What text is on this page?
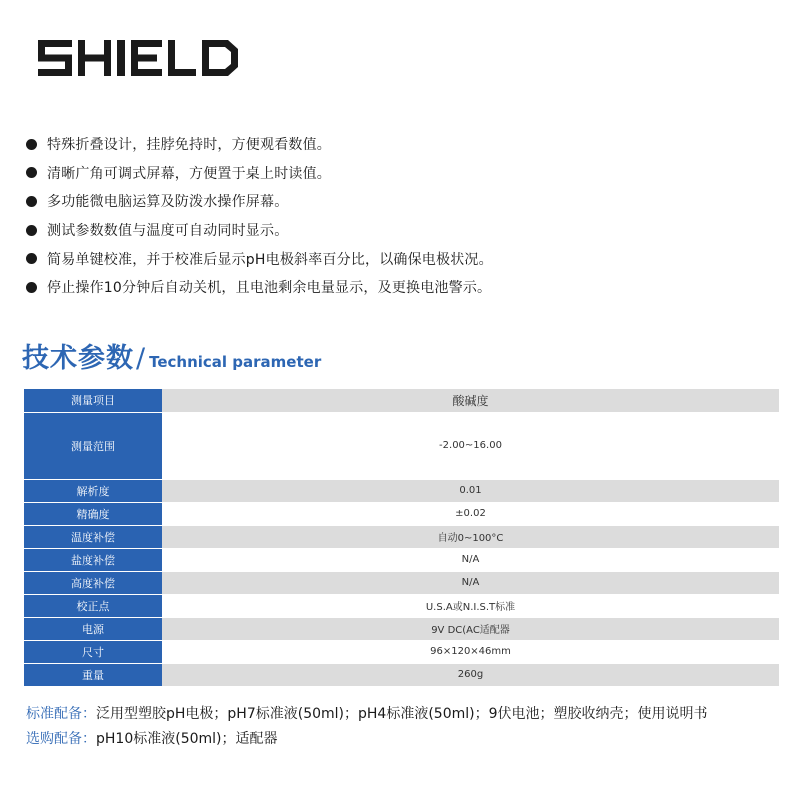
特殊折叠设计，挂脖免持时，方便观看数值。
清晰广角可调式屏幕，方便置于桌上时读值。
多功能微电脑运算及防泼水操作屏幕。
测试参数数值与温度可自动同时显示。
简易单键校准，并于校准后显示pH电极斜率百分比，以确保电极状况。
停止操作10分钟后自动关机，且电池剩余电量显示，及更换电池警示。
技术参数 / Technical parameter
测量项目	酸碱度
测量范围	-2.00~16.00
解析度	0.01
精确度	±0.02
温度补偿	自动0~100°C
盐度补偿	N/A
高度补偿	N/A
校正点	U.S.A或N.I.S.T标准
电源	9V DC(AC适配器
尺寸	96×120×46mm
重量	260g
标准配备：泛用型塑胶pH电极；pH7标准液(50ml)；pH4标准液(50ml)；9伏电池；塑胶收纳壳；使用说明书
选购配备：pH10标准液(50ml)；适配器
